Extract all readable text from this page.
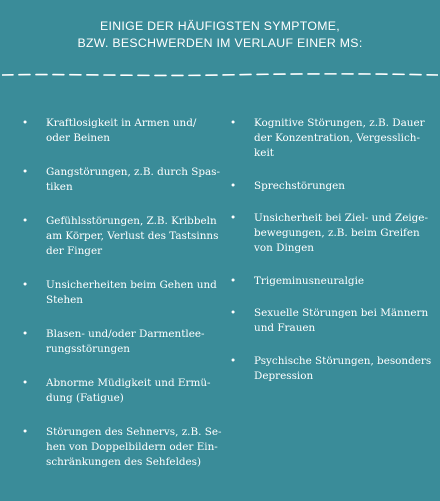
EINIGE DER HÄUFIGSTEN SYMPTOME,
BZW. BESCHWERDEN IM VERLAUF EINER MS:
• Kraftlosigkeit in Armen und/
oder Beinen
• Gangstörungen, z.B. durch Spas-
tiken
• Gefühlsstörungen, Z.B. Kribbeln
am Körper, Verlust des Tastsinns
der Finger
• Unsicherheiten beim Gehen und
Stehen
• Blasen- und/oder Darmentlee-
rungsstörungen
• Abnorme Müdigkeit und Ermü-
dung (Fatigue)
• Störungen des Sehnervs, z.B. Se-
hen von Doppelbildern oder Ein-
schränkungen des Sehfeldes)
• Kognitive Störungen, z.B. Dauer
der Konzentration, Vergesslich-
keit
• Sprechstörungen
• Unsicherheit bei Ziel- und Zeige-
bewegungen, z.B. beim Greifen
von Dingen
• Trigeminusneuralgie
• Sexuelle Störungen bei Männern
und Frauen
• Psychische Störungen, besonders
Depression
